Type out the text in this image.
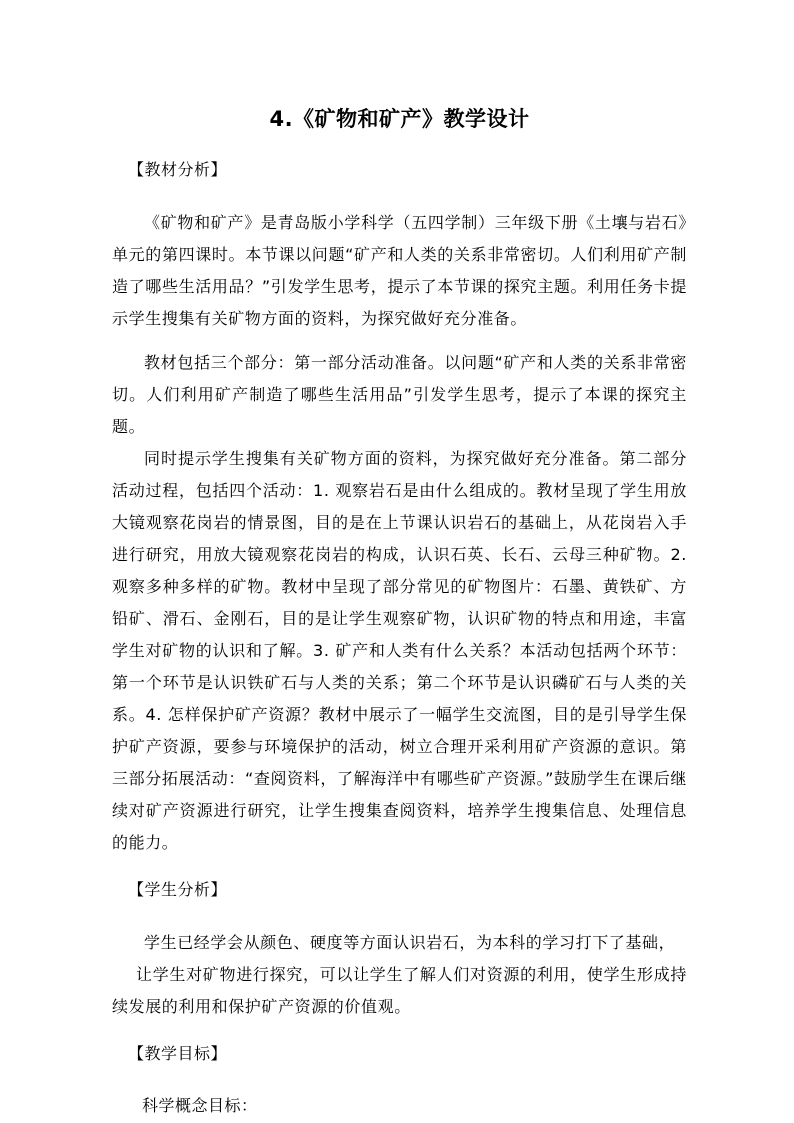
4.《矿物和矿产》教学设计
【教材分析】

《矿物和矿产》是青岛版小学科学（五四学制）三年级下册《土壤与岩石》单元的第四课时。本节课以问题“矿产和人类的关系非常密切。人们利用矿产制造了哪些生活用品？”引发学生思考，提示了本节课的探究主题。利用任务卡提示学生搜集有关矿物方面的资料，为探究做好充分准备。

教材包括三个部分：第一部分活动准备。以问题“矿产和人类的关系非常密切。人们利用矿产制造了哪些生活用品”引发学生思考，提示了本课的探究主题。

同时提示学生搜集有关矿物方面的资料，为探究做好充分准备。第二部分活动过程，包括四个活动：1. 观察岩石是由什么组成的。教材呈现了学生用放大镜观察花岗岩的情景图，目的是在上节课认识岩石的基础上，从花岗岩入手进行研究，用放大镜观察花岗岩的构成，认识石英、长石、云母三种矿物。2. 观察多种多样的矿物。教材中呈现了部分常见的矿物图片：石墨、黄铁矿、方铅矿、滑石、金刚石，目的是让学生观察矿物，认识矿物的特点和用途，丰富学生对矿物的认识和了解。3. 矿产和人类有什么关系？本活动包括两个环节：第一个环节是认识铁矿石与人类的关系；第二个环节是认识磷矿石与人类的关系。4. 怎样保护矿产资源？教材中展示了一幅学生交流图，目的是引导学生保护矿产资源，要参与环境保护的活动，树立合理开采利用矿产资源的意识。第三部分拓展活动：“查阅资料，了解海洋中有哪些矿产资源。”鼓励学生在课后继续对矿产资源进行研究，让学生搜集查阅资料，培养学生搜集信息、处理信息的能力。

【学生分析】

学生已经学会从颜色、硬度等方面认识岩石，为本科的学习打下了基础，

让学生对矿物进行探究，可以让学生了解人们对资源的利用，使学生形成持续发展的利用和保护矿产资源的价值观。

【教学目标】
科学概念目标：
